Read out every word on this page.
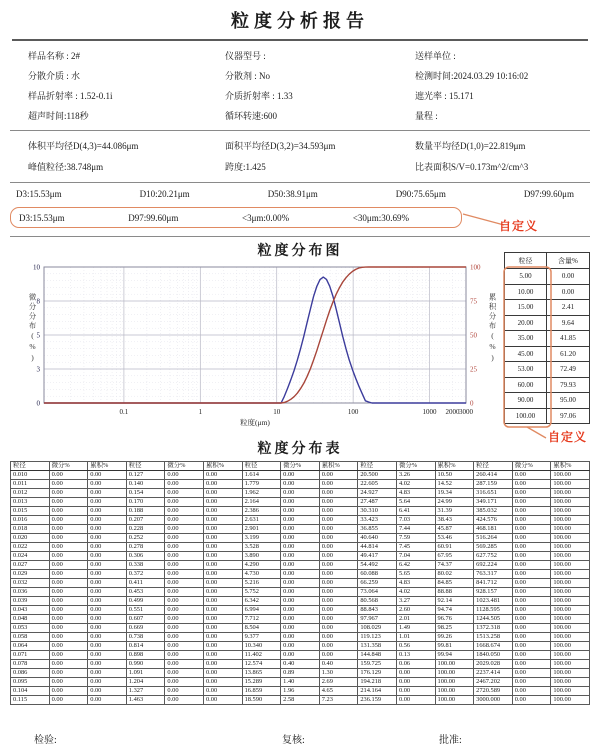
粒度分析报告
样品名称 : 2#	仪器型号 :	送样单位 :
分散介质 : 水	分散剂 : No	检测时间:2024.03.29 10:16:02
样品折射率 : 1.52-0.1i	介质折射率 : 1.33	遮光率 : 15.171
超声时间:118秒	循环转速:600	量程 :
体积平均径D(4,3)=44.086μm	面积平均径D(3,2)=34.593μm	数量平均径D(1,0)=22.819μm
峰值粒径:38.748μm	跨度:1.425	比表面积S/V=0.173m^2/cm^3
D3:15.53μm	D10:20.21μm	D50:38.91μm	D90:75.65μm	D97:99.60μm
D3:15.53μm	D97:99.60μm	<3μm:0.00%	<30μm:30.69%
自定义
粒度分布图
微分分布(%)
10
8
5
3
0
100
75
50
25
0
0.1	1	10	100	1000 2000 3000
粒度(μm)
累积分布(%)
粒径	含量%
5.00	0.00
10.00	0.00
15.00	2.41
20.00	9.64
35.00	41.85
45.00	61.20
53.00	72.49
60.00	79.93
90.00	95.00
100.00	97.06
自定义
粒度分布表
粒径	微分%	累积%	粒径	微分%	累积%	粒径	微分%	累积%	粒径	微分%	累积%	粒径	微分%	累积%
0.010	0.00	0.00	0.127	0.00	0.00	1.614	0.00	0.00	20.500	3.26	10.50	260.414	0.00	100.00
0.011	0.00	0.00	0.140	0.00	0.00	1.779	0.00	0.00	22.605	4.02	14.52	287.159	0.00	100.00
0.012	0.00	0.00	0.154	0.00	0.00	1.962	0.00	0.00	24.927	4.83	19.34	316.651	0.00	100.00
0.013	0.00	0.00	0.170	0.00	0.00	2.164	0.00	0.00	27.487	5.64	24.99	349.171	0.00	100.00
0.015	0.00	0.00	0.188	0.00	0.00	2.386	0.00	0.00	30.310	6.41	31.39	385.032	0.00	100.00
0.016	0.00	0.00	0.207	0.00	0.00	2.631	0.00	0.00	33.423	7.03	38.43	424.576	0.00	100.00
0.018	0.00	0.00	0.228	0.00	0.00	2.901	0.00	0.00	36.855	7.44	45.87	468.181	0.00	100.00
0.020	0.00	0.00	0.252	0.00	0.00	3.199	0.00	0.00	40.640	7.59	53.46	516.264	0.00	100.00
0.022	0.00	0.00	0.278	0.00	0.00	3.528	0.00	0.00	44.814	7.45	60.91	569.285	0.00	100.00
0.024	0.00	0.00	0.306	0.00	0.00	3.890	0.00	0.00	49.417	7.04	67.95	627.752	0.00	100.00
0.027	0.00	0.00	0.338	0.00	0.00	4.290	0.00	0.00	54.492	6.42	74.37	692.224	0.00	100.00
0.029	0.00	0.00	0.372	0.00	0.00	4.730	0.00	0.00	60.088	5.65	80.02	763.317	0.00	100.00
0.032	0.00	0.00	0.411	0.00	0.00	5.216	0.00	0.00	66.259	4.83	84.85	841.712	0.00	100.00
0.036	0.00	0.00	0.453	0.00	0.00	5.752	0.00	0.00	73.064	4.02	88.88	928.157	0.00	100.00
0.039	0.00	0.00	0.499	0.00	0.00	6.342	0.00	0.00	80.568	3.27	92.14	1023.481	0.00	100.00
0.043	0.00	0.00	0.551	0.00	0.00	6.994	0.00	0.00	88.843	2.60	94.74	1128.595	0.00	100.00
0.048	0.00	0.00	0.607	0.00	0.00	7.712	0.00	0.00	97.967	2.01	96.76	1244.505	0.00	100.00
0.053	0.00	0.00	0.669	0.00	0.00	8.504	0.00	0.00	108.029	1.49	98.25	1372.318	0.00	100.00
0.058	0.00	0.00	0.738	0.00	0.00	9.377	0.00	0.00	119.123	1.01	99.26	1513.258	0.00	100.00
0.064	0.00	0.00	0.814	0.00	0.00	10.340	0.00	0.00	131.358	0.56	99.81	1668.674	0.00	100.00
0.071	0.00	0.00	0.898	0.00	0.00	11.402	0.00	0.00	144.848	0.13	99.94	1840.050	0.00	100.00
0.078	0.00	0.00	0.990	0.00	0.00	12.574	0.40	0.40	159.725	0.06	100.00	2029.028	0.00	100.00
0.086	0.00	0.00	1.091	0.00	0.00	13.865	0.89	1.30	176.129	0.00	100.00	2237.414	0.00	100.00
0.095	0.00	0.00	1.204	0.00	0.00	15.289	1.40	2.69	194.218	0.00	100.00	2467.202	0.00	100.00
0.104	0.00	0.00	1.327	0.00	0.00	16.859	1.96	4.65	214.164	0.00	100.00	2720.589	0.00	100.00
0.115	0.00	0.00	1.463	0.00	0.00	18.590	2.58	7.23	236.159	0.00	100.00	3000.000	0.00	100.00
检验:	复核:	批准:
